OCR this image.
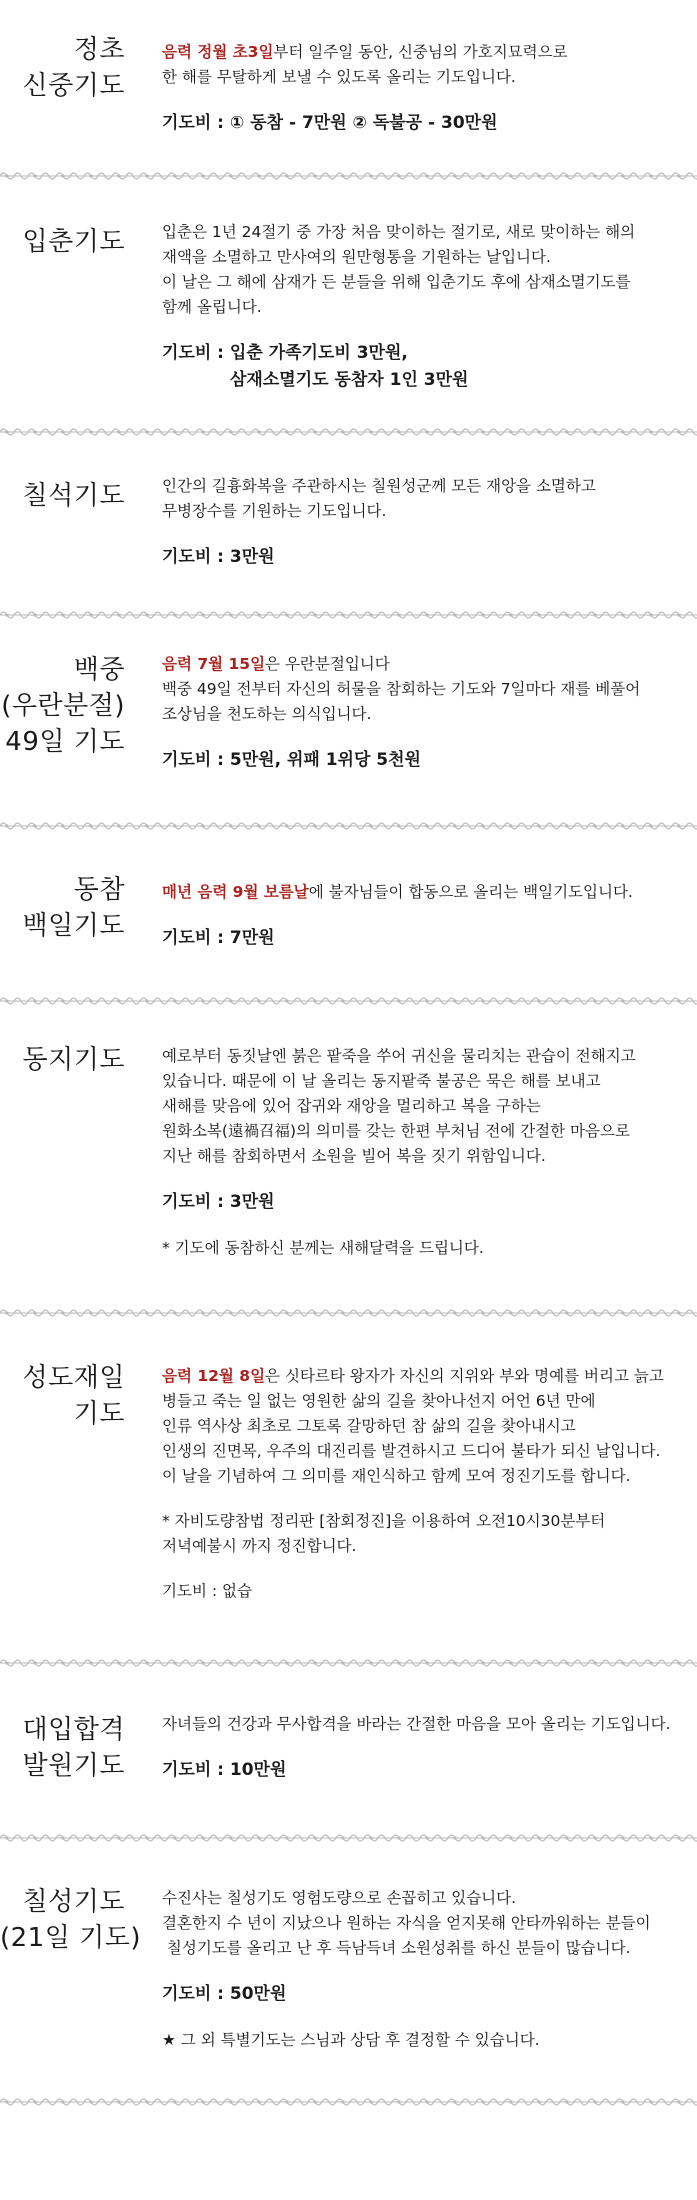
정초
신중기도

음력 정월 초3일부터 일주일 동안, 신중님의 가호지묘력으로

한 해를 무탈하게 보낼 수 있도록 올리는 기도입니다.

기도비 : ① 동참 - 7만원 ② 독불공 - 30만원

입춘기도 입춘은 1년 24절기 중 가장 처음 맞이하는 절기로, 새로 맞이하는 해의

재액을 소멸하고 만사여의 원만형통을 기원하는 날입니다.

이 날은 그 해에 삼재가 든 분들을 위해 입춘기도 후에 삼재소멸기도를

함께 올립니다.

기도비 : 입춘 가족기도비 3만원,

삼재소멸기도 동참자 1인 3만원

칠석기도 인간의 길흉화복을 주관하시는 칠원성군께 모든 재앙을 소멸하고

무병장수를 기원하는 기도입니다.

기도비 : 3만원

백중
(우란분절)
49일 기도

음력 7월 15일은 우란분절입니다

백중 49일 전부터 자신의 허물을 참회하는 기도와 7일마다 재를 베풀어

조상님을 천도하는 의식입니다.

기도비 : 5만원, 위패 1위당 5천원

동참
백일기도

매년 음력 9월 보름날에 불자님들이 합동으로 올리는 백일기도입니다.

기도비 : 7만원

동지기도 예로부터 동짓날엔 붉은 팥죽을 쑤어 귀신을 물리치는 관습이 전해지고

있습니다. 때문에 이 날 올리는 동지팥죽 불공은 묵은 해를 보내고

새해를 맞음에 있어 잡귀와 재앙을 멀리하고 복을 구하는

원화소복(遠禍召福)의 의미를 갖는 한편 부처님 전에 간절한 마음으로

지난 해를 참회하면서 소원을 빌어 복을 짓기 위함입니다.

기도비 : 3만원

* 기도에 동참하신 분께는 새해달력을 드립니다.

성도재일
기도

음력 12월 8일은 싯타르타 왕자가 자신의 지위와 부와 명예를 버리고 늙고

병들고 죽는 일 없는 영원한 삶의 길을 찾아나선지 어언 6년 만에

인류 역사상 최초로 그토록 갈망하던 참 삶의 길을 찾아내시고

인생의 진면목, 우주의 대진리를 발견하시고 드디어 불타가 되신 날입니다.

이 날을 기념하여 그 의미를 재인식하고 함께 모여 정진기도를 합니다.

* 자비도량참법 정리판 [참회정진]을 이용하여 오전10시30분부터

저녁예불시 까지 정진합니다.

기도비 : 없습

대입합격
발원기도

자녀들의 건강과 무사합격을 바라는 간절한 마음을 모아 올리는 기도입니다.

기도비 : 10만원

칠성기도
(21일 기도)

수진사는 칠성기도 영험도량으로 손꼽히고 있습니다.

결혼한지 수 년이 지났으나 원하는 자식을 얻지못해 안타까워하는 분들이

칠성기도를 올리고 난 후 득남득녀 소원성취를 하신 분들이 많습니다.

기도비 : 50만원

★ 그 외 특별기도는 스님과 상담 후 결정할 수 있습니다.
